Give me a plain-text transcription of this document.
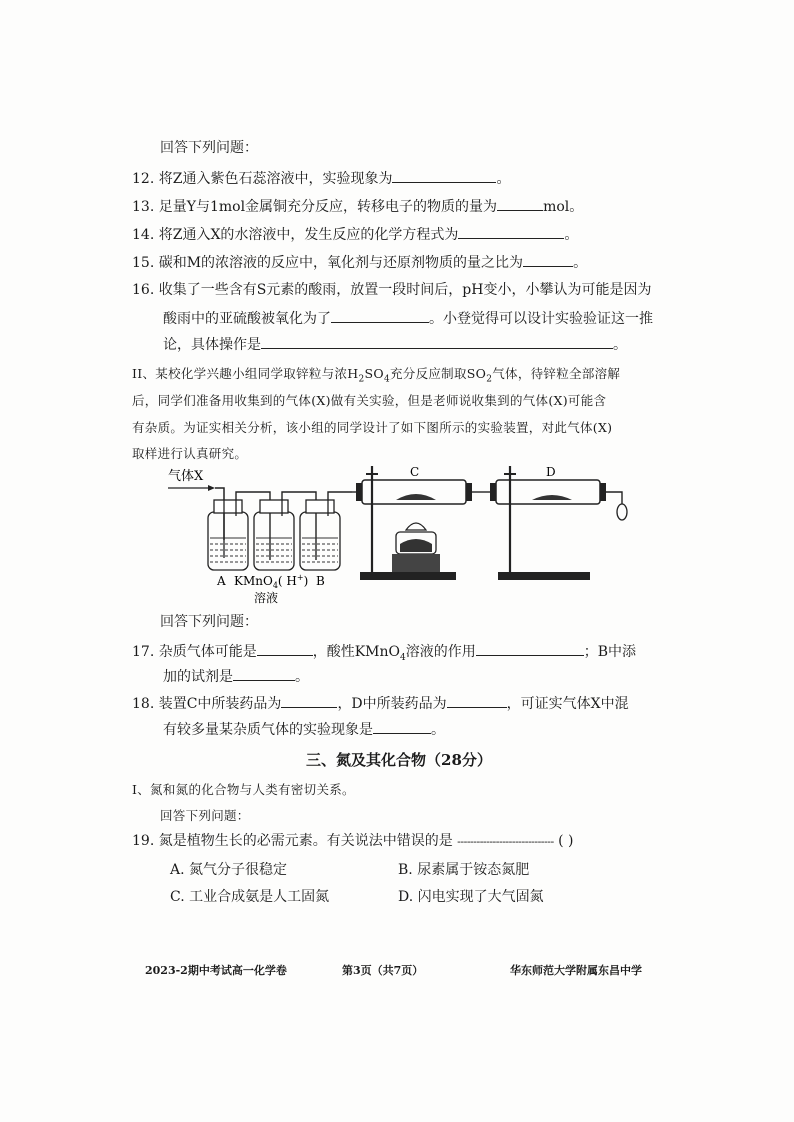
回答下列问题：
12. 将Z通入紫色石蕊溶液中，实验现象为	。
13. 足量Y与1mol金属铜充分反应，转移电子的物质的量为	mol。
14. 将Z通入X的水溶液中，发生反应的化学方程式为	。
15. 碳和M的浓溶液的反应中，氧化剂与还原剂物质的量之比为	。
16. 收集了一些含有S元素的酸雨，放置一段时间后，pH变小，小攀认为可能是因为
酸雨中的亚硫酸被氧化为了	。小登觉得可以设计实验验证这一推
论，具体操作是	。
II、某校化学兴趣小组同学取锌粒与浓$H_2SO_4$充分反应制取$SO_2$气体，待锌粒全部溶解
后，同学们准备用收集到的气体(X)做有关实验，但是老师说收集到的气体(X)可能含
有杂质。为证实相关分析，该小组的同学设计了如下图所示的实验装置，对此气体(X)
取样进行认真研究。
气体X
A KMnO$_4$( H+) B
溶液
C	D
回答下列问题：
17. 杂质气体可能是	，酸性KMnO$_4$溶液的作用	；B中添
加的试剂是	。
18. 装置C中所装药品为	，D中所装药品为	，可证实气体X中混
有较多量某杂质气体的实验现象是	。
三、氮及其化合物（28分）
I、氮和氮的化合物与人类有密切关系。
回答下列问题：
19. 氮是植物生长的必需元素。有关说法中错误的是 ------------------------------ ( )
A. 氮气分子很稳定	B. 尿素属于铵态氮肥
C. 工业合成氨是人工固氮	D. 闪电实现了大气固氮
2023-2期中考试高一化学卷	第3页（共7页）	华东师范大学附属东昌中学
